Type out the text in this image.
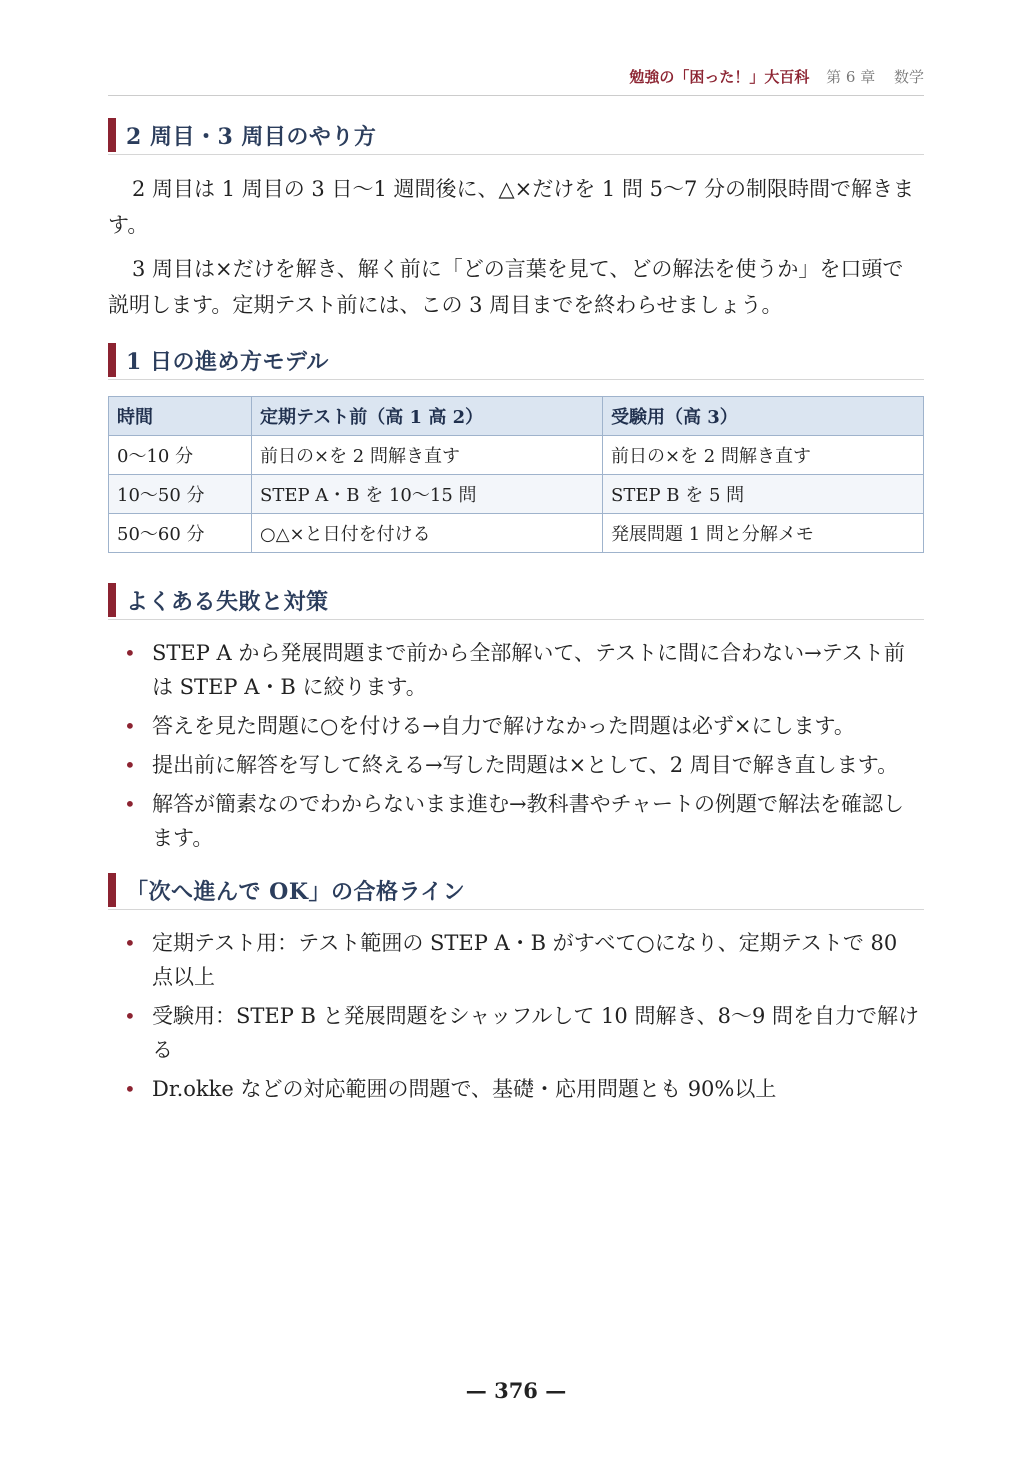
勉強の「困った！」大百科 第 6 章 数学
2 周目・3 周目のやり方

2 周目は 1 周目の 3 日〜1 週間後に、△×だけを 1 問 5〜7 分の制限時間で解きます。

3 周目は×だけを解き、解く前に「どの言葉を見て、どの解法を使うか」を口頭で説明します。定期テスト前には、この 3 周目までを終わらせましょう。

1 日の進め方モデル
時間	定期テスト前（高 1 高 2）	受験用（高 3）
0〜10 分	前日の×を 2 問解き直す	前日の×を 2 問解き直す
10〜50 分	STEP A・B を 10〜15 問	STEP B を 5 問
50〜60 分	○△×と日付を付ける	発展問題 1 問と分解メモ
よくある失敗と対策
• STEP A から発展問題まで前から全部解いて、テストに間に合わない→テスト前は STEP A・B に絞ります。
• 答えを見た問題に○を付ける→自力で解けなかった問題は必ず×にします。
• 提出前に解答を写して終える→写した問題は×として、2 周目で解き直します。
• 解答が簡素なのでわからないまま進む→教科書やチャートの例題で解法を確認します。
「次へ進んで OK」の合格ライン
• 定期テスト用：テスト範囲の STEP A・B がすべて○になり、定期テストで 80 点以上
• 受験用：STEP B と発展問題をシャッフルして 10 問解き、8〜9 問を自力で解ける
• Dr.okke などの対応範囲の問題で、基礎・応用問題とも 90%以上
— 376 —
